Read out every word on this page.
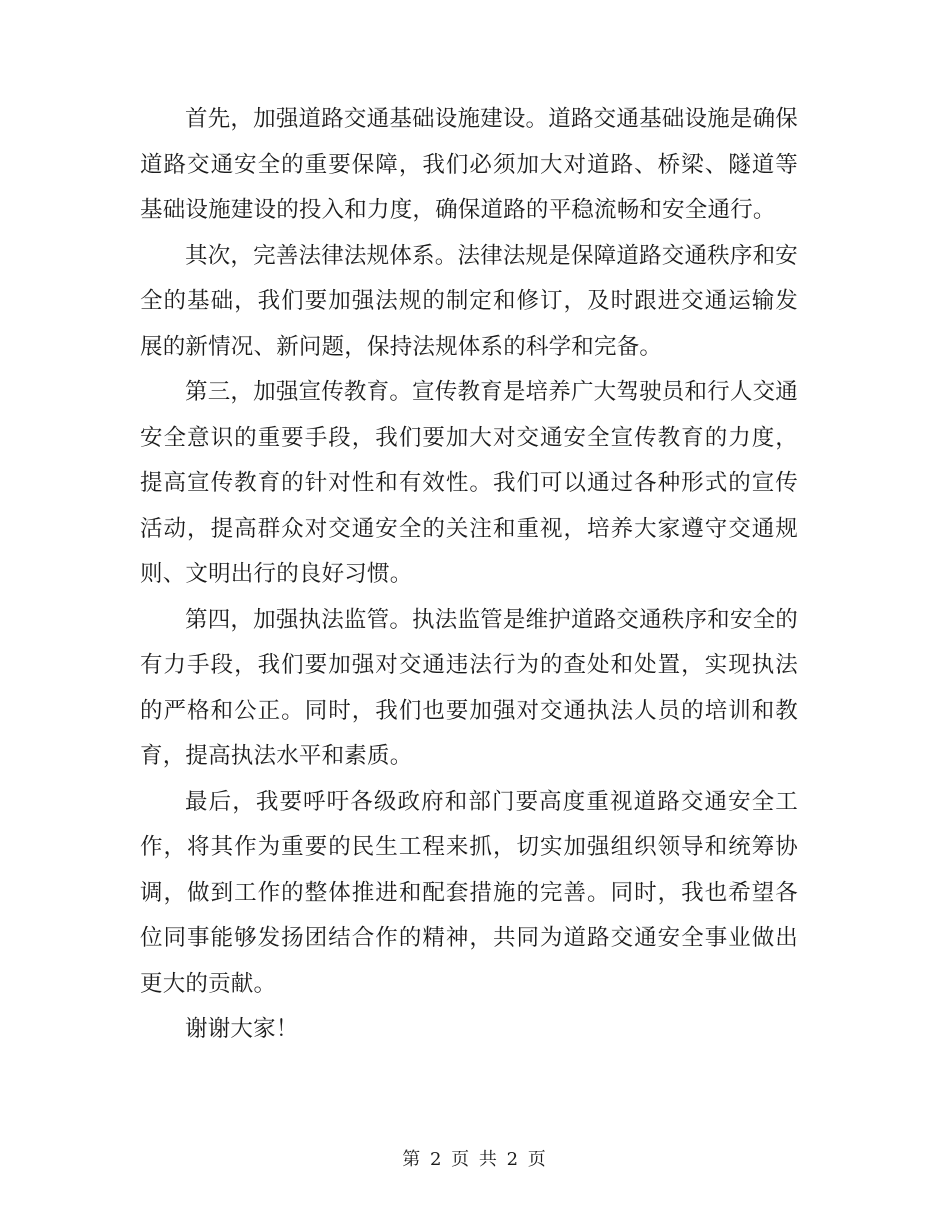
首先，加强道路交通基础设施建设。道路交通基础设施是确保道路交通安全的重要保障，我们必须加大对道路、桥梁、隧道等基础设施建设的投入和力度，确保道路的平稳流畅和安全通行。

其次，完善法律法规体系。法律法规是保障道路交通秩序和安全的基础，我们要加强法规的制定和修订，及时跟进交通运输发展的新情况、新问题，保持法规体系的科学和完备。

第三，加强宣传教育。宣传教育是培养广大驾驶员和行人交通安全意识的重要手段，我们要加大对交通安全宣传教育的力度，提高宣传教育的针对性和有效性。我们可以通过各种形式的宣传活动，提高群众对交通安全的关注和重视，培养大家遵守交通规则、文明出行的良好习惯。

第四，加强执法监管。执法监管是维护道路交通秩序和安全的有力手段，我们要加强对交通违法行为的查处和处置，实现执法的严格和公正。同时，我们也要加强对交通执法人员的培训和教育，提高执法水平和素质。

最后，我要呼吁各级政府和部门要高度重视道路交通安全工作，将其作为重要的民生工程来抓，切实加强组织领导和统筹协调，做到工作的整体推进和配套措施的完善。同时，我也希望各位同事能够发扬团结合作的精神，共同为道路交通安全事业做出更大的贡献。

谢谢大家！

第 2 页 共 2 页
